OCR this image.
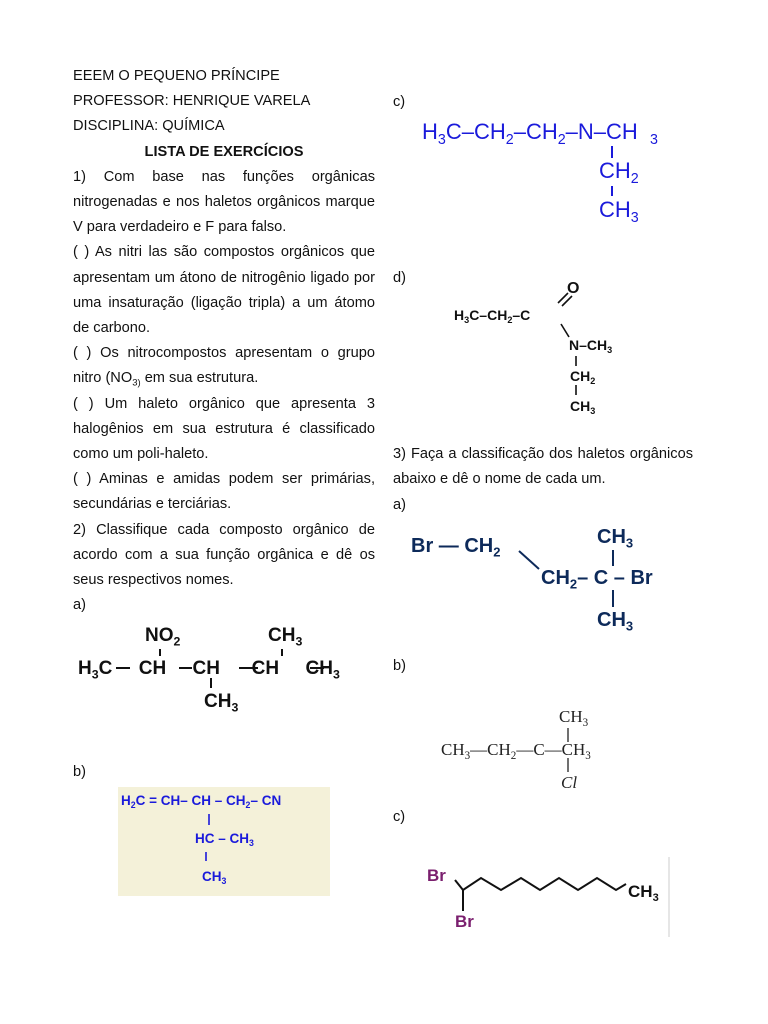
EEEM O PEQUENO PRÍNCIPE

PROFESSOR: HENRIQUE VARELA

DISCIPLINA: QUÍMICA

LISTA DE EXERCÍCIOS

1) Com base nas funções orgânicas nitrogenadas e nos haletos orgânicos marque V para verdadeiro e F para falso.

( ) As nitri las são compostos orgânicos que apresentam um átono de nitrogênio ligado por uma insaturação (ligação tripla) a um átomo de carbono.

( ) Os nitrocompostos apresentam o grupo nitro ($NO_{3)}$ em sua estrutura.

( ) Um haleto orgânico que apresenta 3 halogênios em sua estrutura é classificado como um poli-haleto.

( ) Aminas e amidas podem ser primárias, secundárias e terciárias.

2) Classifique cada composto orgânico de acordo com a sua função orgânica e dê os seus respectivos nomes.

a)

$NO_2$	$CH_3$
$H_3C$     CH     CH      CH     $CH_3$
$CH_3$
b)
$H_2C = CH-$ CH – $CH_2-$ CN
HC – $CH_3$
$CH_3$
c)
$H_3C-CH_2-CH_2-N-CH$  $_3$
$CH_2$
$CH_3$
d)
O
$H_3C-CH_2-C$
$N-CH_3$
$CH_2$
$CH_3$
3) Faça a classificação dos haletos orgânicos abaixo e dê o nome de cada um.
a)
Br — $CH_2$
$CH_3$
$CH_2-$ C – Br
$CH_3$
b)
$CH_3$
$CH_3—CH_2—C—CH_3$
Cl
c)
Br
Br
$CH_3$
